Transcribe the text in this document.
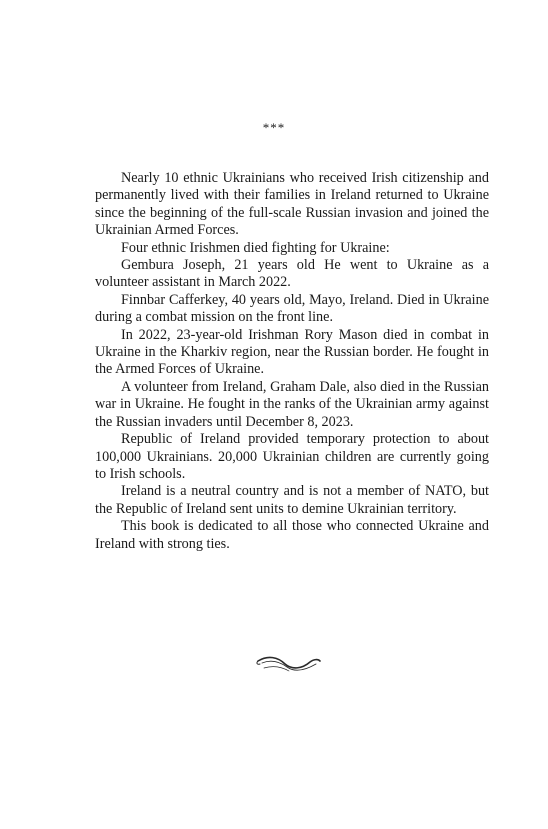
***

Nearly 10 ethnic Ukrainians who received Irish citizenship and permanently lived with their families in Ireland returned to Ukraine since the beginning of the full-scale Russian invasion and joined the Ukrainian Armed Forces.

Four ethnic Irishmen died fighting for Ukraine:

Gembura Joseph, 21 years old He went to Ukraine as a volunteer assistant in March 2022.

Finnbar Cafferkey, 40 years old, Mayo, Ireland. Died in Ukraine during a combat mission on the front line.

In 2022, 23-year-old Irishman Rory Mason died in combat in Ukraine in the Kharkiv region, near the Russian border. He fought in the Armed Forces of Ukraine.

A volunteer from Ireland, Graham Dale, also died in the Russian war in Ukraine. He fought in the ranks of the Ukrainian army against the Russian invaders until December 8, 2023.

Republic of Ireland provided temporary protection to about 100,000 Ukrainians. 20,000 Ukrainian children are currently going to Irish schools.

Ireland is a neutral country and is not a member of NATO, but the Republic of Ireland sent units to demine Ukrainian territory.

This book is dedicated to all those who connected Ukraine and Ireland with strong ties.
